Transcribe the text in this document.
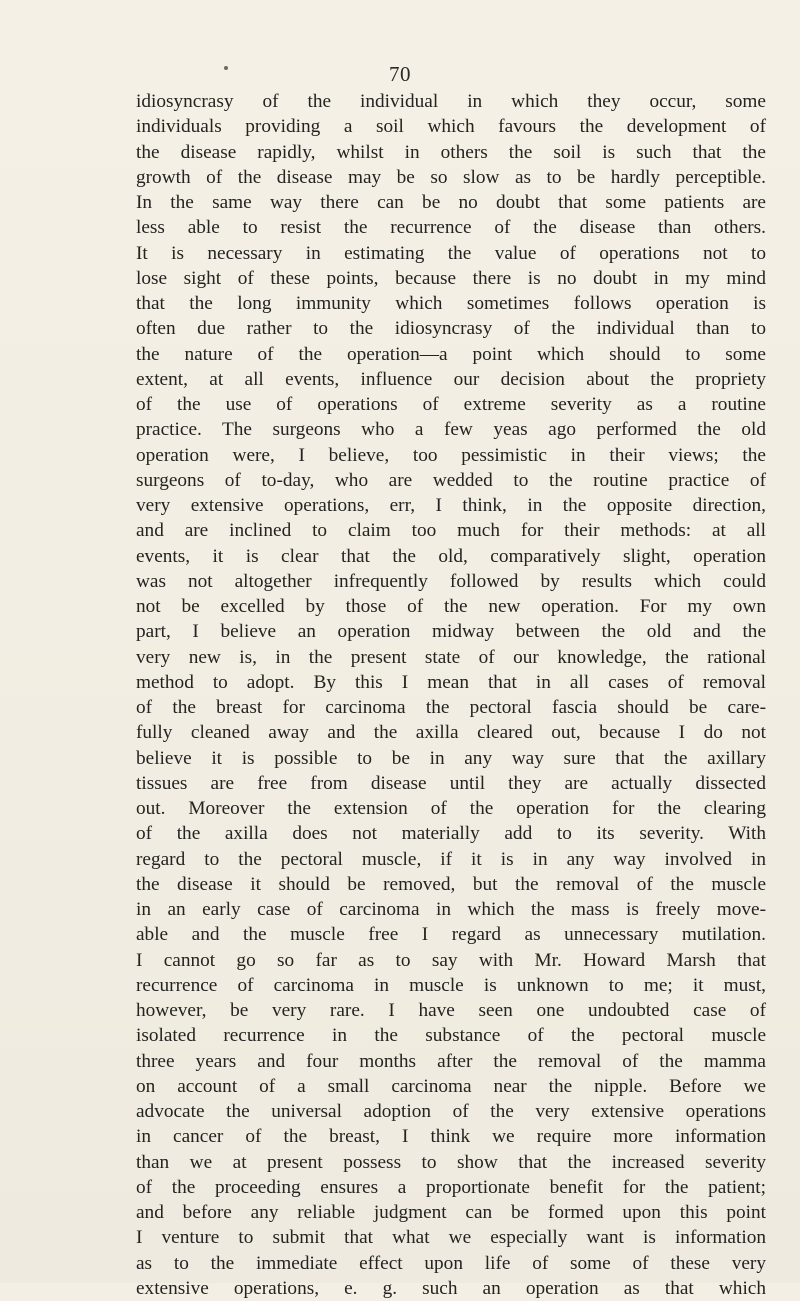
70
idiosyncrasy of the individual in which they occur, some
individuals providing a soil which favours the development of
the disease rapidly, whilst in others the soil is such that the
growth of the disease may be so slow as to be hardly perceptible.
In the same way there can be no doubt that some patients are
less able to resist the recurrence of the disease than others.
It is necessary in estimating the value of operations not to
lose sight of these points, because there is no doubt in my mind
that the long immunity which sometimes follows operation is
often due rather to the idiosyncrasy of the individual than to
the nature of the operation—a point which should to some
extent, at all events, influence our decision about the propriety
of the use of operations of extreme severity as a routine
practice. The surgeons who a few yeas ago performed the old
operation were, I believe, too pessimistic in their views; the
surgeons of to-day, who are wedded to the routine practice of
very extensive operations, err, I think, in the opposite direction,
and are inclined to claim too much for their methods: at all
events, it is clear that the old, comparatively slight, operation
was not altogether infrequently followed by results which could
not be excelled by those of the new operation. For my own
part, I believe an operation midway between the old and the
very new is, in the present state of our knowledge, the rational
method to adopt. By this I mean that in all cases of removal
of the breast for carcinoma the pectoral fascia should be care-
fully cleaned away and the axilla cleared out, because I do not
believe it is possible to be in any way sure that the axillary
tissues are free from disease until they are actually dissected
out. Moreover the extension of the operation for the clearing
of the axilla does not materially add to its severity. With
regard to the pectoral muscle, if it is in any way involved in
the disease it should be removed, but the removal of the muscle
in an early case of carcinoma in which the mass is freely move-
able and the muscle free I regard as unnecessary mutilation.
I cannot go so far as to say with Mr. Howard Marsh that
recurrence of carcinoma in muscle is unknown to me; it must,
however, be very rare. I have seen one undoubted case of
isolated recurrence in the substance of the pectoral muscle
three years and four months after the removal of the mamma
on account of a small carcinoma near the nipple. Before we
advocate the universal adoption of the very extensive operations
in cancer of the breast, I think we require more information
than we at present possess to show that the increased severity
of the proceeding ensures a proportionate benefit for the patient;
and before any reliable judgment can be formed upon this point
I venture to submit that what we especially want is information
as to the immediate effect upon life of some of these very
extensive operations, e. g. such an operation as that which
